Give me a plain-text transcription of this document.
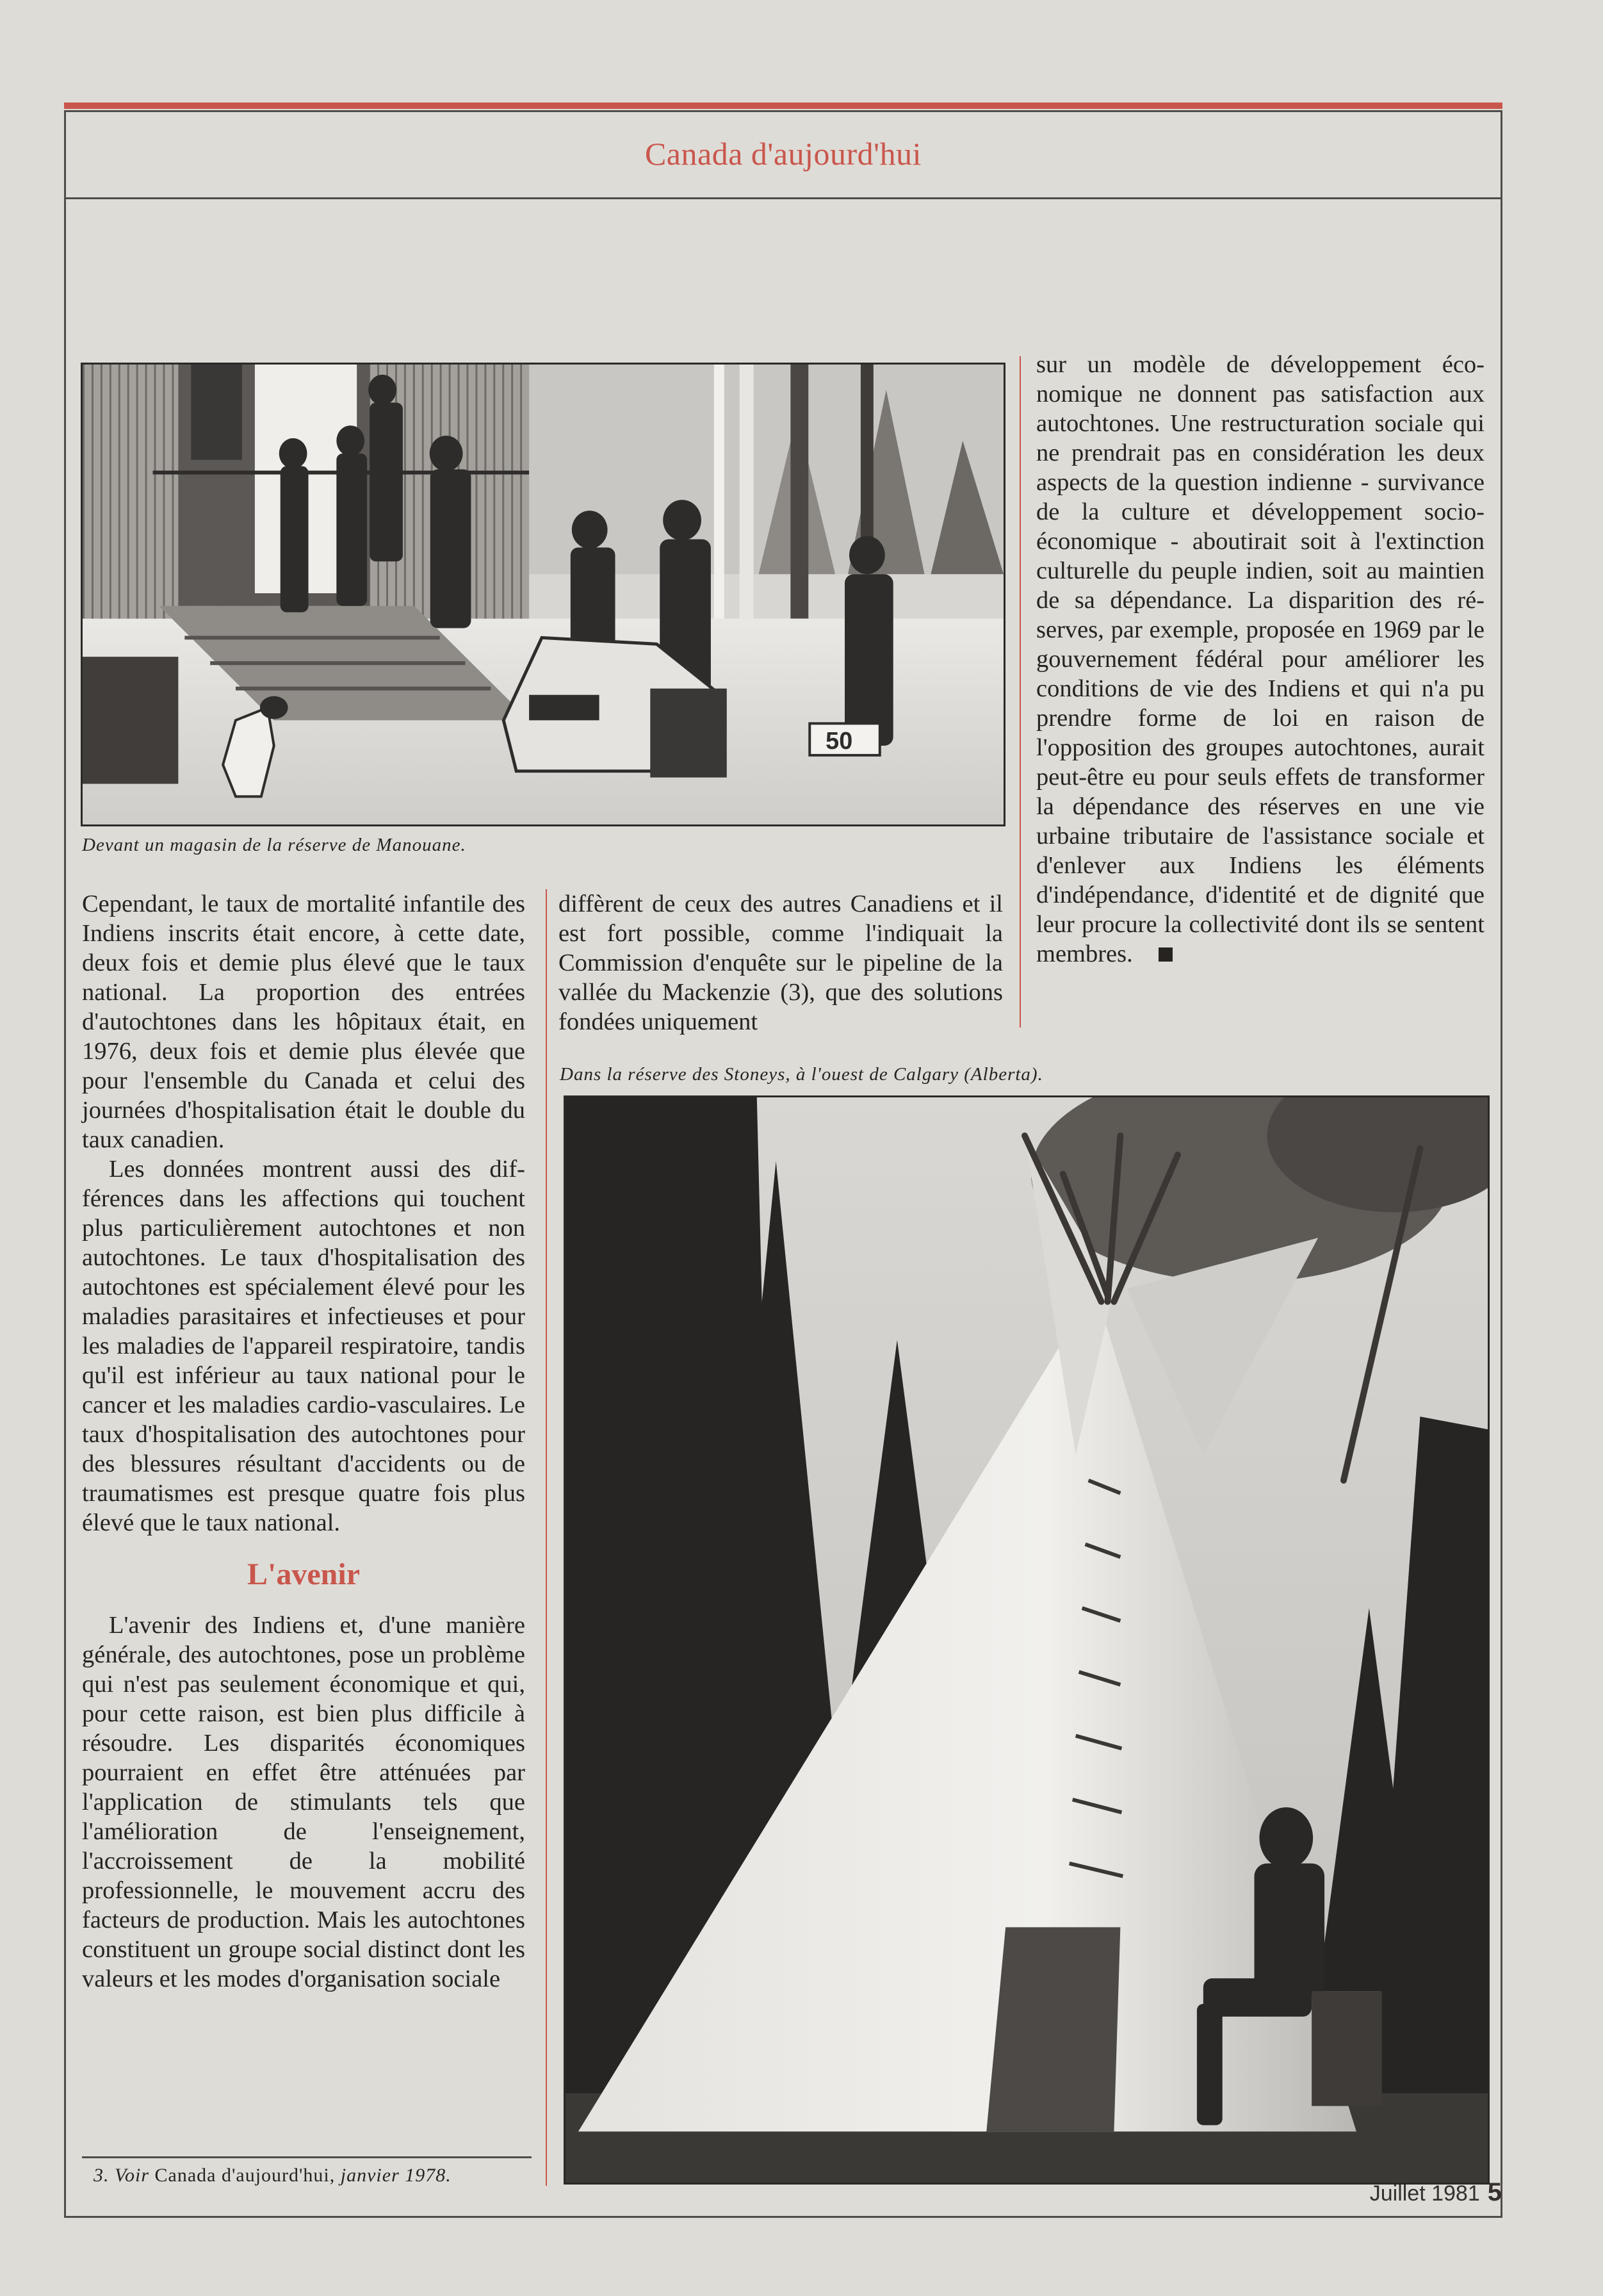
Canada d'aujourd'hui
50
Devant un magasin de la réserve de Manouane.

Cependant, le taux de mortalité infantile des Indiens inscrits était encore, à cette date, deux fois et demie plus élevé que le taux national. La proportion des entrées d'autochtones dans les hôpitaux était, en 1976, deux fois et demie plus élevée que pour l'ensemble du Canada et celui des journées d'hospitalisation était le double du taux canadien.

Les données montrent aussi des différences dans les affections qui touchent plus particulièrement autochtones et non autochtones. Le taux d'hospitalisation des autochtones est spécialement élevé pour les maladies parasitaires et infectieuses et pour les maladies de l'appareil respiratoire, tandis qu'il est inférieur au taux national pour le cancer et les maladies cardio-vasculaires. Le taux d'hospitalisation des autochtones pour des blessures résultant d'accidents ou de traumatismes est presque quatre fois plus élevé que le taux national.

L'avenir

L'avenir des Indiens et, d'une manière générale, des autochtones, pose un problème qui n'est pas seulement économique et qui, pour cette raison, est bien plus difficile à résoudre. Les disparités économiques pourraient en effet être atténuées par l'application de stimulants tels que l'amélioration de l'enseignement, l'accroissement de la mobilité professionnelle, le mouvement accru des facteurs de production. Mais les autochtones constituent un groupe social distinct dont les valeurs et les modes d'organisation sociale

3. Voir Canada d'aujourd'hui, janvier 1978.

diffèrent de ceux des autres Canadiens et il est fort possible, comme l'indiquait la Commission d'enquête sur le pipeline de la vallée du Mackenzie (3), que des solutions fondées uniquement

sur un modèle de développement économique ne donnent pas satisfaction aux autochtones. Une restructuration sociale qui ne prendrait pas en considération les deux aspects de la question indienne - survivance de la culture et développement socio-économique - aboutirait soit à l'extinction culturelle du peuple indien, soit au maintien de sa dépendance. La disparition des réserves, par exemple, proposée en 1969 par le gouvernement fédéral pour améliorer les conditions de vie des Indiens et qui n'a pu prendre forme de loi en raison de l'opposition des groupes autochtones, aurait peut-être eu pour seuls effets de transformer la dépendance des réserves en une vie urbaine tributaire de l'assistance sociale et d'enlever aux Indiens les éléments d'indépendance, d'identité et de dignité que leur procure la collectivité dont ils se sentent membres.

Dans la réserve des Stoneys, à l'ouest de Calgary (Alberta).
Juillet 1981 5
